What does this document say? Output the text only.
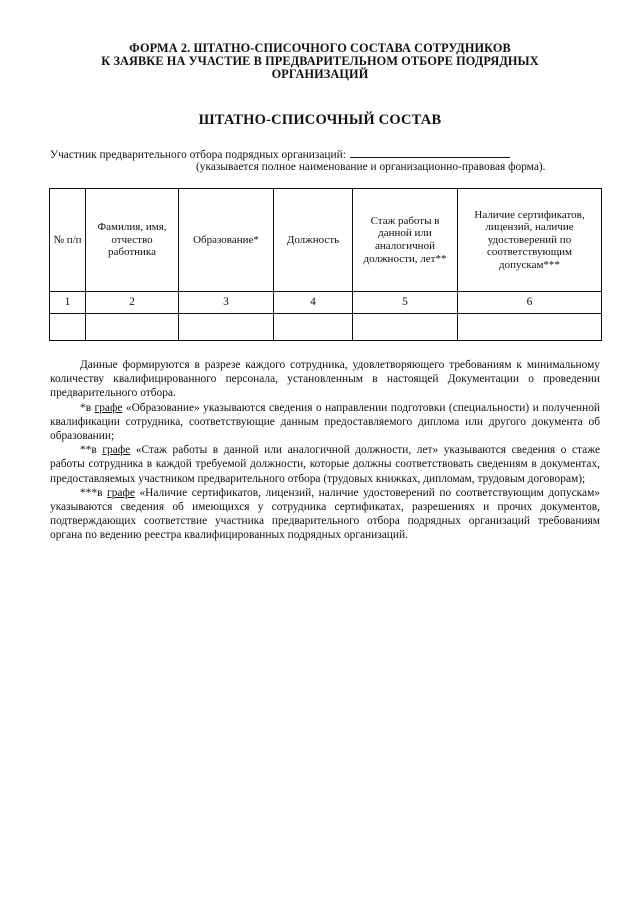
ФОРМА 2. ШТАТНО-СПИСОЧНОГО СОСТАВА СОТРУДНИКОВ
К ЗАЯВКЕ НА УЧАСТИЕ В ПРЕДВАРИТЕЛЬНОМ ОТБОРЕ ПОДРЯДНЫХ
ОРГАНИЗАЦИЙ
ШТАТНО-СПИСОЧНЫЙ СОСТАВ
Участник предварительного отбора подрядных организаций:
(указывается полное наименование и организационно-правовая форма).
№ п/п	Фамилия, имя, отчество работника	Образование*	Должность	Стаж работы в данной или аналогичной должности, лет**	Наличие сертификатов, лицензий, наличие удостоверений по соответствующим допускам***
1	2	3	4	5	6

Данные формируются в разрезе каждого сотрудника, удовлетворяющего требованиям к минимальному количеству квалифицированного персонала, установленным в настоящей Документации о проведении предварительного отбора.

*в графе «Образование» указываются сведения о направлении подготовки (специальности) и полученной квалификации сотрудника, соответствующие данным предоставляемого диплома или другого документа об образовании;

**в графе «Стаж работы в данной или аналогичной должности, лет» указываются сведения о стаже работы сотрудника в каждой требуемой должности, которые должны соответствовать сведениям в документах, предоставляемых участником предварительного отбора (трудовых книжках, дипломам, трудовым договорам);

***в графе «Наличие сертификатов, лицензий, наличие удостоверений по соответствующим допускам» указываются сведения об имеющихся у сотрудника сертификатах, разрешениях и прочих документов, подтверждающих соответствие участника предварительного отбора подрядных организаций требованиям органа по ведению реестра квалифицированных подрядных организаций.
